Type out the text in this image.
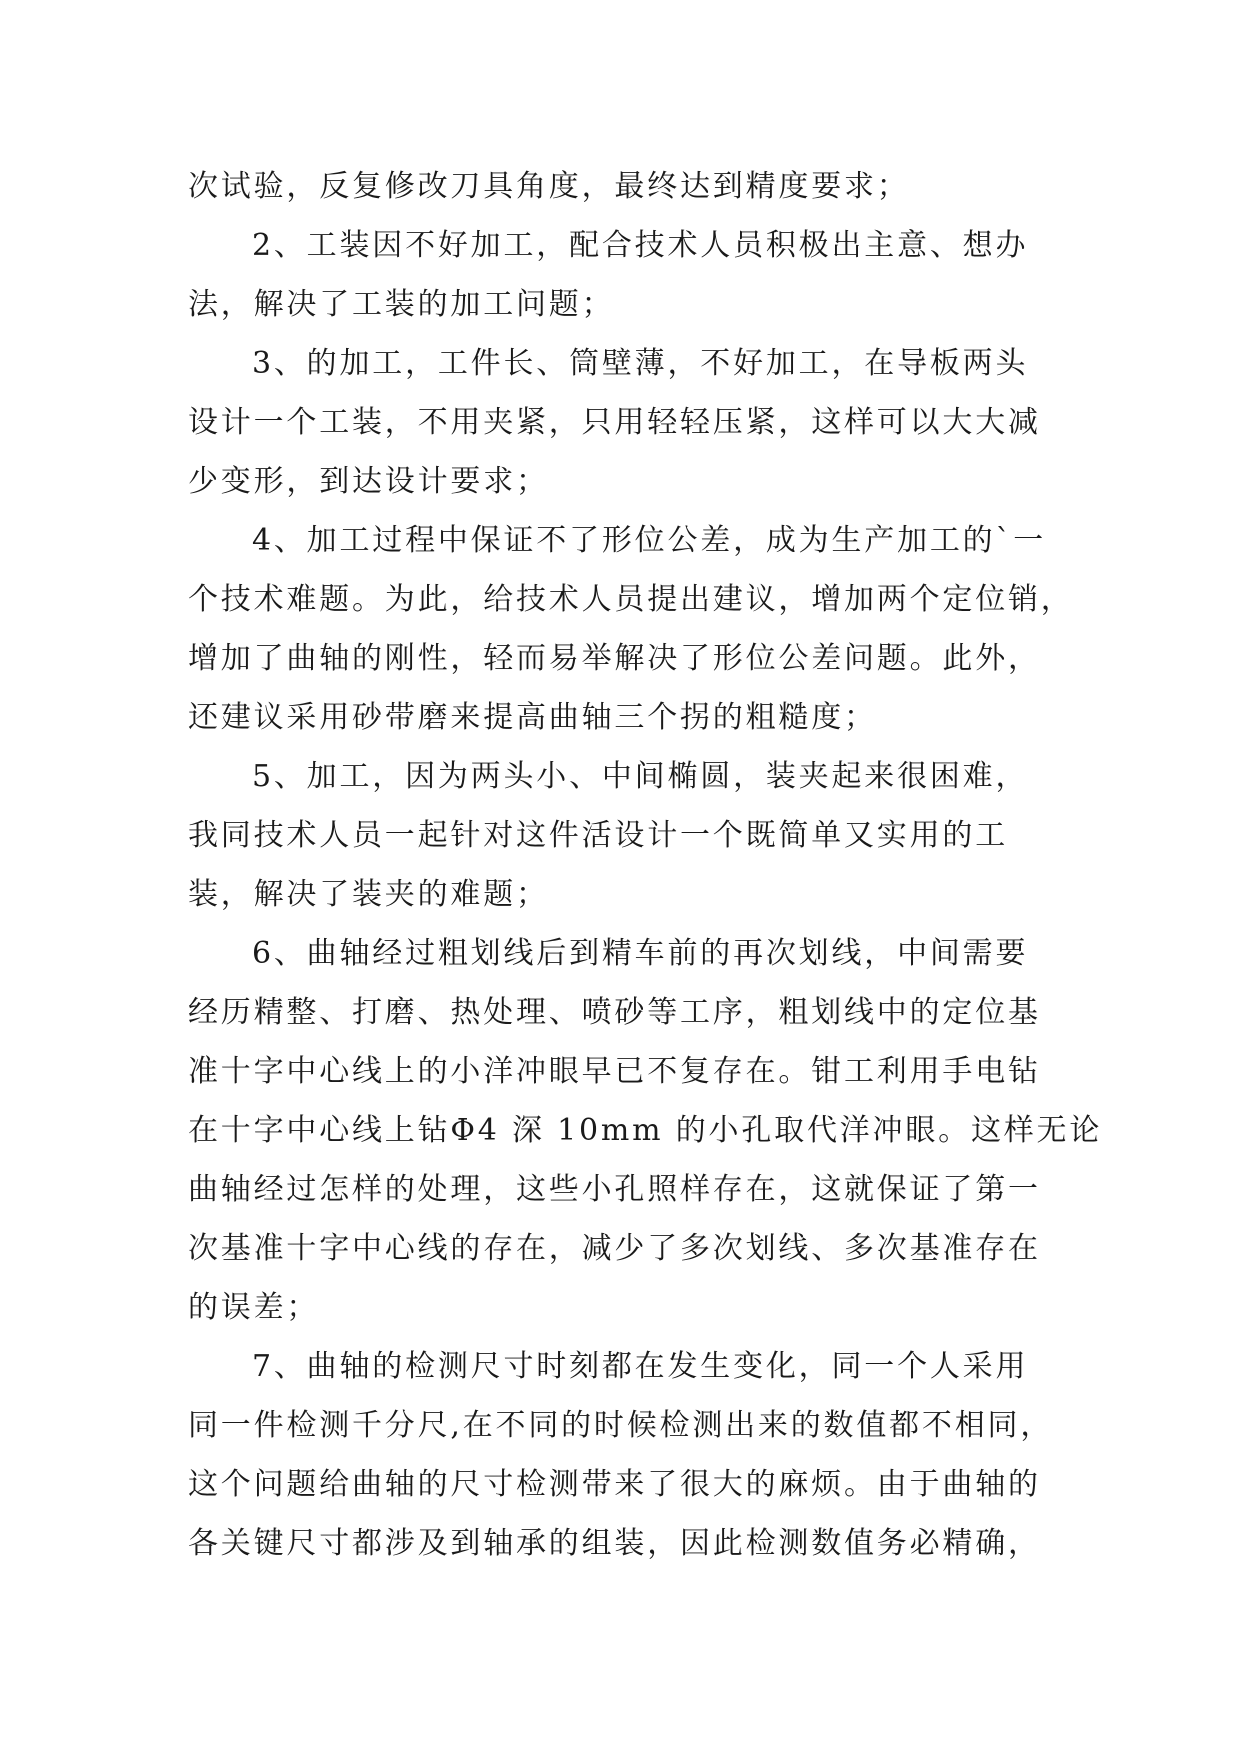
次试验，反复修改刀具角度，最终达到精度要求；

2、工装因不好加工，配合技术人员积极出主意、想办

法，解决了工装的加工问题；

3、的加工，工件长、筒壁薄，不好加工，在导板两头

设计一个工装，不用夹紧，只用轻轻压紧，这样可以大大减

少变形，到达设计要求；

4、加工过程中保证不了形位公差，成为生产加工的`一

个技术难题。为此，给技术人员提出建议，增加两个定位销，

增加了曲轴的刚性，轻而易举解决了形位公差问题。此外，

还建议采用砂带磨来提高曲轴三个拐的粗糙度；

5、加工，因为两头小、中间椭圆，装夹起来很困难，

我同技术人员一起针对这件活设计一个既简单又实用的工

装，解决了装夹的难题；

6、曲轴经过粗划线后到精车前的再次划线，中间需要

经历精整、打磨、热处理、喷砂等工序，粗划线中的定位基

准十字中心线上的小洋冲眼早已不复存在。钳工利用手电钻

在十字中心线上钻Φ4 深 10mm 的小孔取代洋冲眼。这样无论

曲轴经过怎样的处理，这些小孔照样存在，这就保证了第一

次基准十字中心线的存在，减少了多次划线、多次基准存在

的误差；

7、曲轴的检测尺寸时刻都在发生变化，同一个人采用

同一件检测千分尺,在不同的时候检测出来的数值都不相同，

这个问题给曲轴的尺寸检测带来了很大的麻烦。由于曲轴的

各关键尺寸都涉及到轴承的组装，因此检测数值务必精确，
